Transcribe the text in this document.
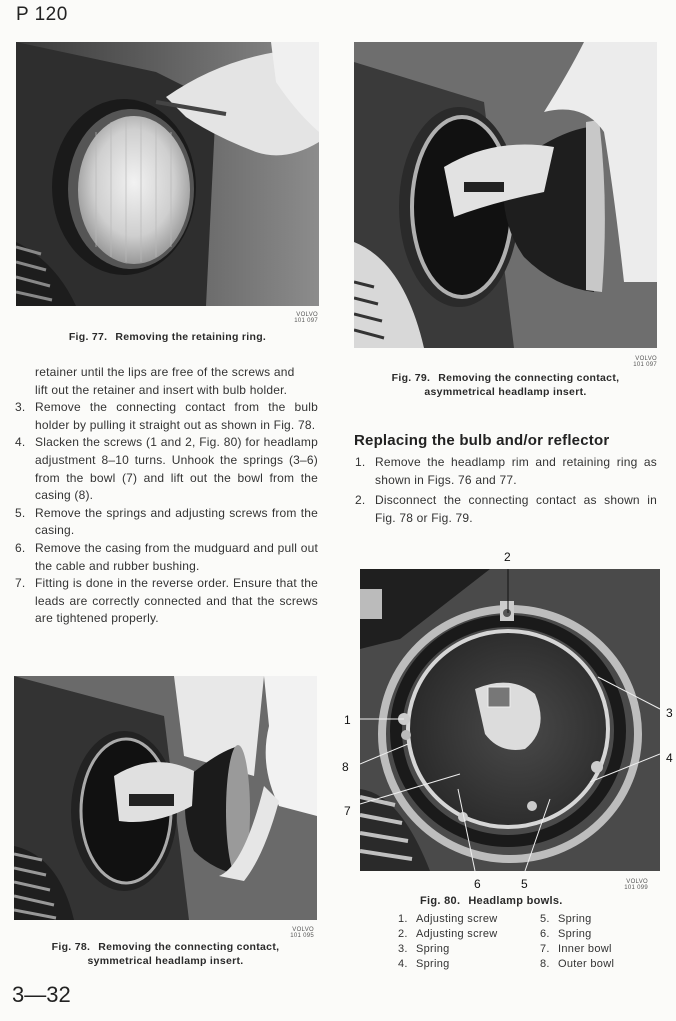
P 120
VOLVO
101 097
Fig. 77. Removing the retaining ring.
retainer until the lips are free of the screws and
lift out the retainer and insert with bulb holder.
3. Remove the connecting contact from the bulb holder by pulling it straight out as shown in Fig. 78.
4. Slacken the screws (1 and 2, Fig. 80) for headlamp adjustment 8–10 turns. Unhook the springs (3–6) from the bowl (7) and lift out the bowl from the casing (8).
5. Remove the springs and adjusting screws from the casing.
6. Remove the casing from the mudguard and pull out the cable and rubber bushing.
7. Fitting is done in the reverse order. Ensure that the leads are correctly connected and that the screws are tightened properly.
VOLVO
101 095
Fig. 78. Removing the connecting contact,
symmetrical headlamp insert.
3—32
VOLVO
101 097
Fig. 79. Removing the connecting contact,
asymmetrical headlamp insert.
Replacing the bulb and/or reflector
1. Remove the headlamp rim and retaining ring as shown in Figs. 76 and 77.
2. Disconnect the connecting contact as shown in Fig. 78 or Fig. 79.
2
1	3
4
8
7
6	5	VOLVO
101 099
Fig. 80. Headlamp bowls.
1. Adjusting screw
2. Adjusting screw
3. Spring
4. Spring
5. Spring
6. Spring
7. Inner bowl
8. Outer bowl
